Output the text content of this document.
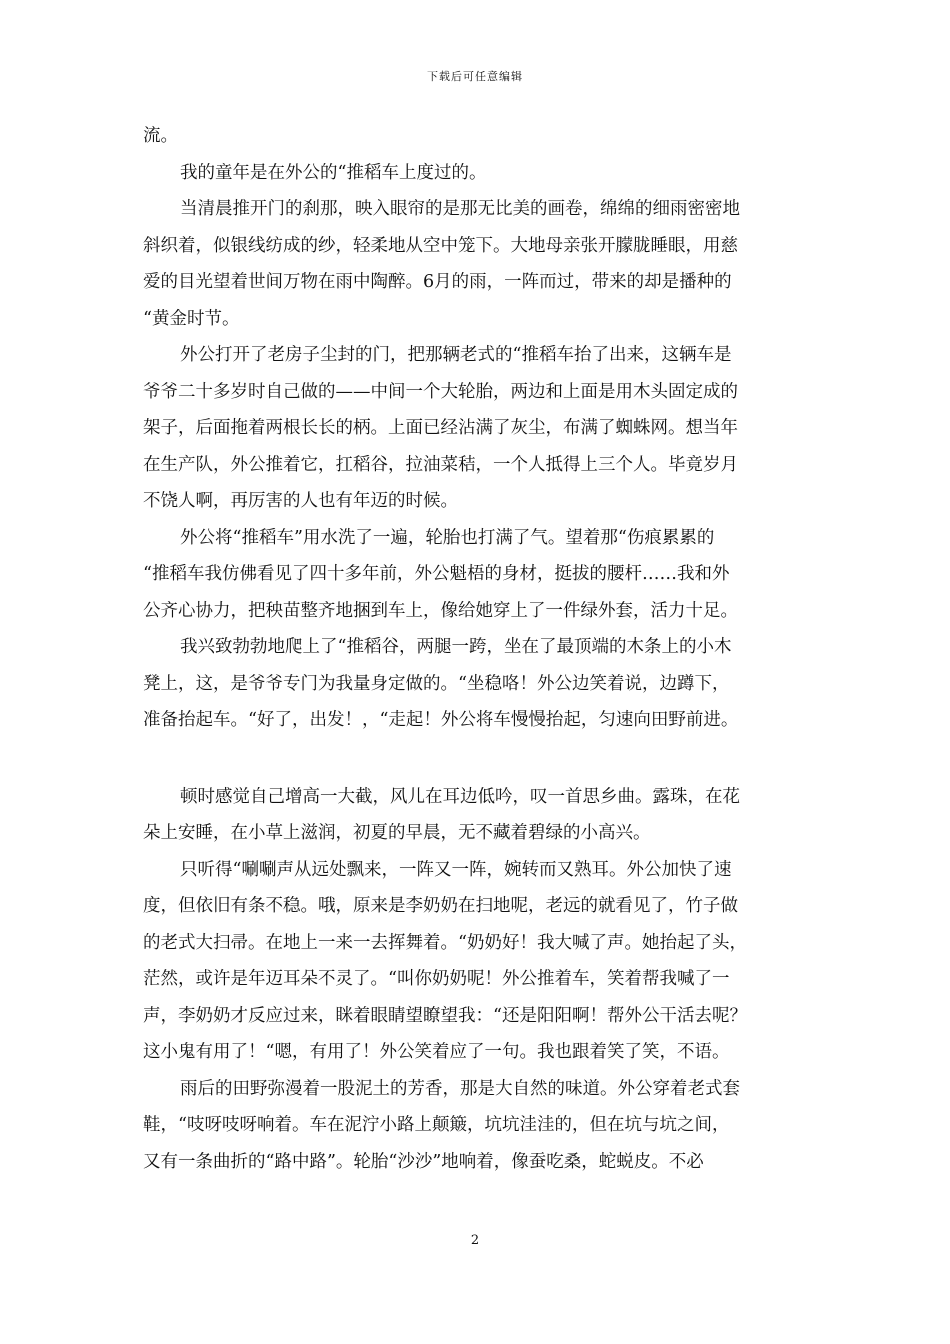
下载后可任意编辑
流。
我的童年是在外公的“推稻车上度过的。
当清晨推开门的刹那，映入眼帘的是那无比美的画卷，绵绵的细雨密密地
斜织着，似银线纺成的纱，轻柔地从空中笼下。大地母亲张开朦胧睡眼，用慈
爱的目光望着世间万物在雨中陶醉。6月的雨，一阵而过，带来的却是播种的
“黄金时节。
外公打开了老房子尘封的门，把那辆老式的“推稻车抬了出来，这辆车是
爷爷二十多岁时自己做的——中间一个大轮胎，两边和上面是用木头固定成的
架子，后面拖着两根长长的柄。上面已经沾满了灰尘，布满了蜘蛛网。想当年
在生产队，外公推着它，扛稻谷，拉油菜秸，一个人抵得上三个人。毕竟岁月
不饶人啊，再厉害的人也有年迈的时候。
外公将“推稻车”用水洗了一遍，轮胎也打满了气。望着那“伤痕累累的
“推稻车我仿佛看见了四十多年前，外公魁梧的身材，挺拔的腰杆……我和外
公齐心协力，把秧苗整齐地捆到车上，像给她穿上了一件绿外套，活力十足。
我兴致勃勃地爬上了“推稻谷，两腿一跨，坐在了最顶端的木条上的小木
凳上，这，是爷爷专门为我量身定做的。“坐稳咯！外公边笑着说，边蹲下，
准备抬起车。“好了，出发！，“走起！外公将车慢慢抬起，匀速向田野前进。
顿时感觉自己增高一大截，风儿在耳边低吟，叹一首思乡曲。露珠，在花
朵上安睡，在小草上滋润，初夏的早晨，无不藏着碧绿的小高兴。
只听得“唰唰声从远处飘来，一阵又一阵，婉转而又熟耳。外公加快了速
度，但依旧有条不稳。哦，原来是李奶奶在扫地呢，老远的就看见了，竹子做
的老式大扫帚。在地上一来一去挥舞着。“奶奶好！我大喊了声。她抬起了头，
茫然，或许是年迈耳朵不灵了。“叫你奶奶呢！外公推着车，笑着帮我喊了一
声，李奶奶才反应过来，眯着眼睛望瞭望我：“还是阳阳啊！帮外公干活去呢？
这小鬼有用了！“嗯，有用了！外公笑着应了一句。我也跟着笑了笑，不语。
雨后的田野弥漫着一股泥土的芳香，那是大自然的味道。外公穿着老式套
鞋，“吱呀吱呀响着。车在泥泞小路上颠簸，坑坑洼洼的，但在坑与坑之间，
又有一条曲折的“路中路”。轮胎“沙沙”地响着，像蚕吃桑，蛇蜕皮。不必
2
